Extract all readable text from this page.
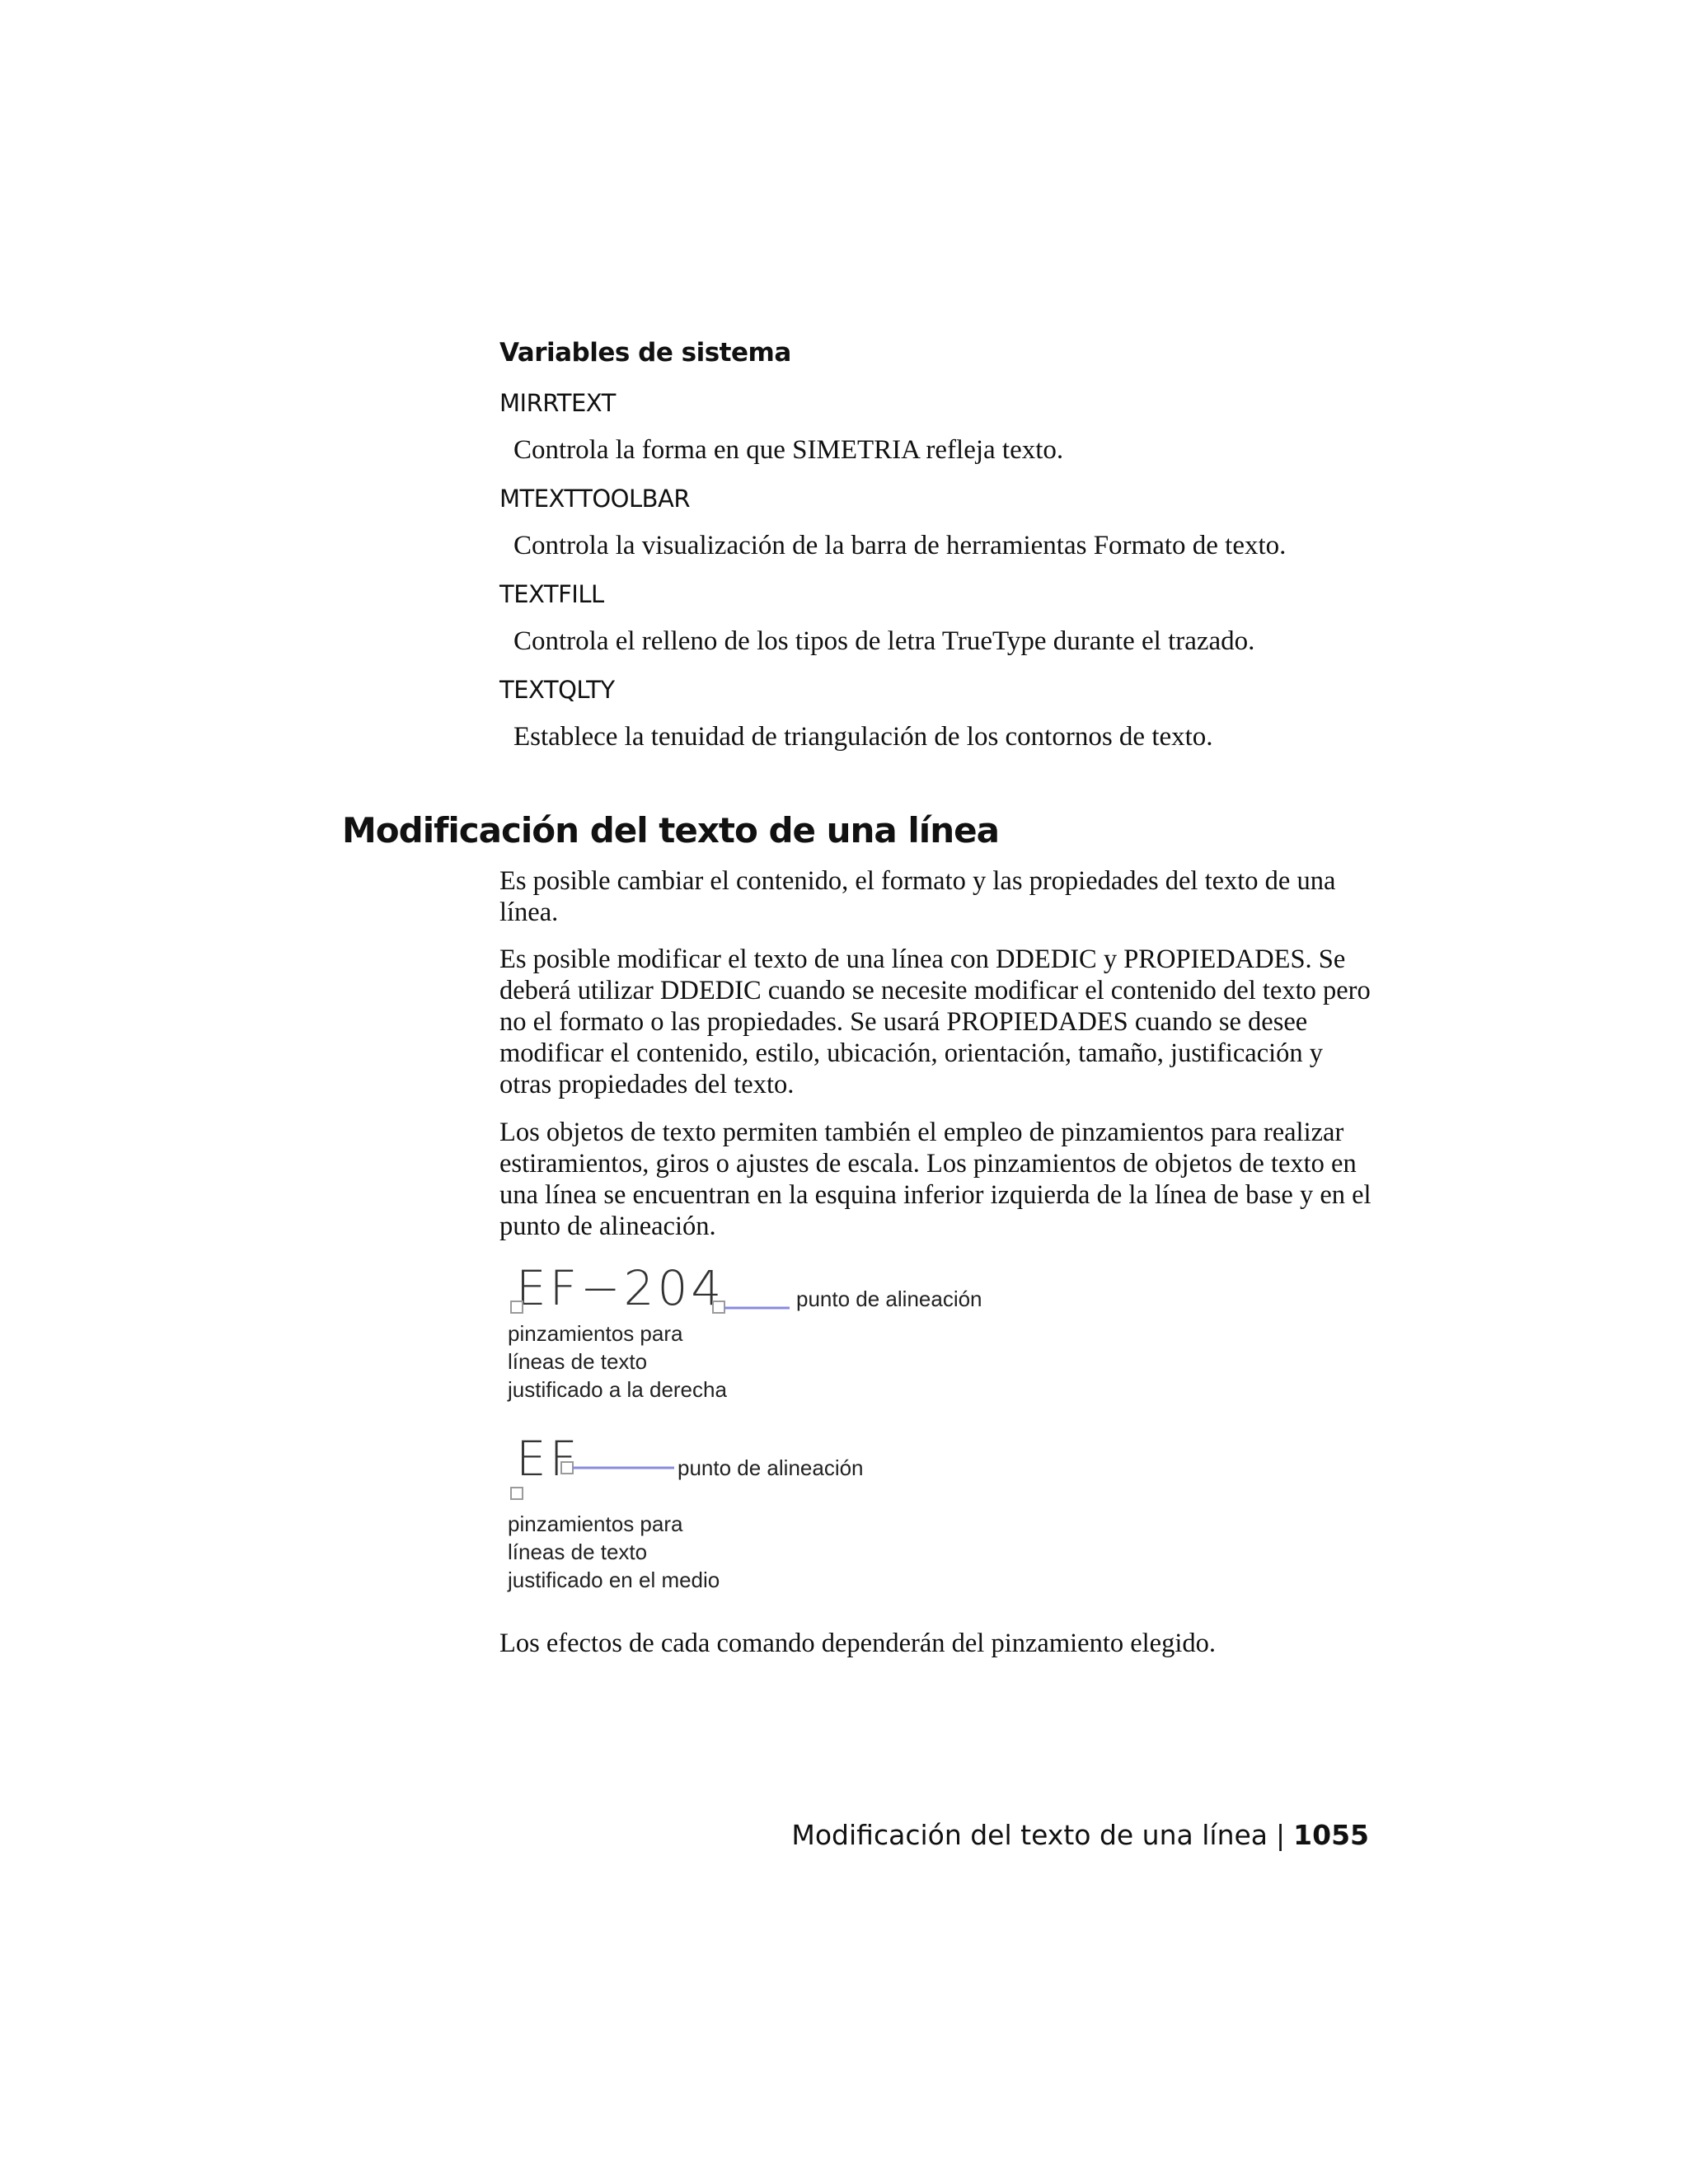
Variables de sistema
MIRRTEXT
Controla la forma en que SIMETRIA refleja texto.
MTEXTTOOLBAR
Controla la visualización de la barra de herramientas Formato de texto.
TEXTFILL
Controla el relleno de los tipos de letra TrueType durante el trazado.
TEXTQLTY
Establece la tenuidad de triangulación de los contornos de texto.
Modificación del texto de una línea

Es posible cambiar el contenido, el formato y las propiedades del texto de una línea.

Es posible modificar el texto de una línea con DDEDIC y PROPIEDADES. Se deberá utilizar DDEDIC cuando se necesite modificar el contenido del texto pero no el formato o las propiedades. Se usará PROPIEDADES cuando se desee modificar el contenido, estilo, ubicación, orientación, tamaño, justificación y otras propiedades del texto.

Los objetos de texto permiten también el empleo de pinzamientos para realizar estiramientos, giros o ajustes de escala. Los pinzamientos de objetos de texto en una línea se encuentran en la esquina inferior izquierda de la línea de base y en el punto de alineación.

EF−204	punto de alineación
pinzamientos para
líneas de texto
justificado a la derecha
EF	punto de alineación
pinzamientos para
líneas de texto
justificado en el medio

Los efectos de cada comando dependerán del pinzamiento elegido.

Modificación del texto de una línea | 1055
